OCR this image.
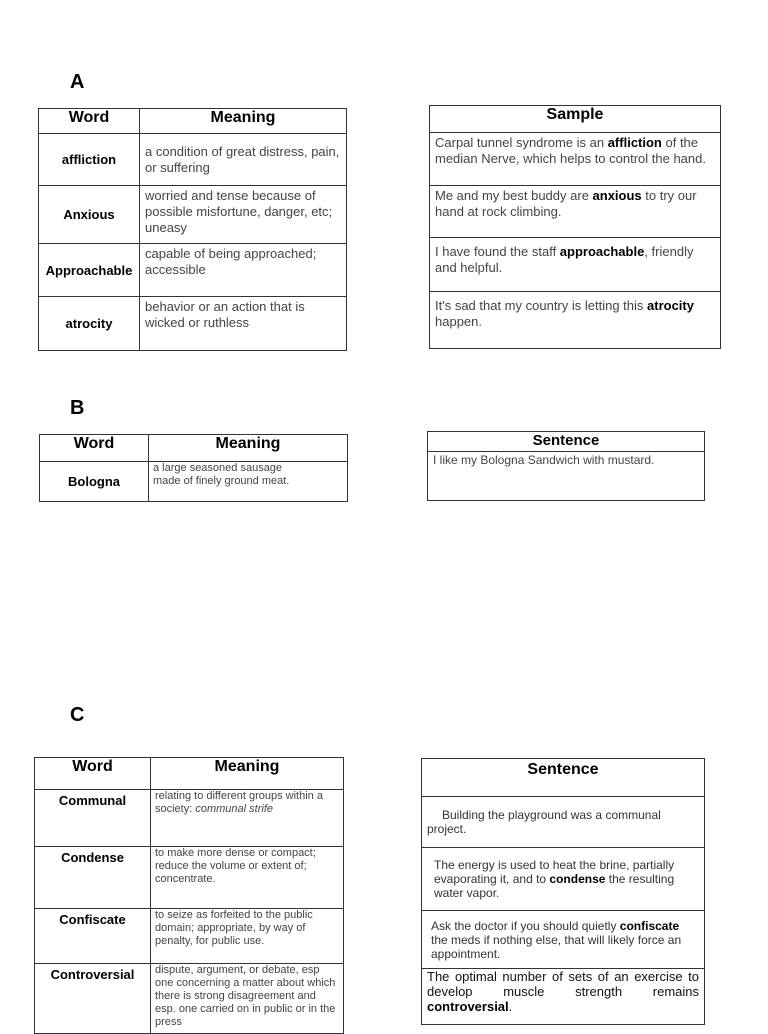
A
Word	Meaning
affliction	a condition of great distress, pain, or suffering
Anxious	worried and tense because of possible misfortune, danger, etc; uneasy
Approachable	capable of being approached; accessible
atrocity	behavior or an action that is wicked or ruthless
Sample
Carpal tunnel syndrome is an affliction of the median Nerve, which helps to control the hand.
Me and my best buddy are anxious to try our hand at rock climbing.
I have found the staff approachable, friendly and helpful.
It's sad that my country is letting this atrocity happen.
B
Word	Meaning
Bologna	a large seasoned sausage made of finely ground meat.
Sentence
I like my Bologna Sandwich with mustard.
C
Word	Meaning
Communal	relating to different groups within a society: communal strife
Condense	to make more dense or compact; reduce the volume or extent of; concentrate.
Confiscate	to seize as forfeited to the public domain; appropriate, by way of penalty, for public use.
Controversial	dispute, argument, or debate, esp one concerning a matter about which there is strong disagreement and esp. one carried on in public or in the press
Sentence
Building the playground was a communal project.
The energy is used to heat the brine, partially evaporating it, and to condense the resulting water vapor.
Ask the doctor if you should quietly confiscate the meds if nothing else, that will likely force an appointment.
The optimal number of sets of an exercise to develop muscle strength remains controversial.
